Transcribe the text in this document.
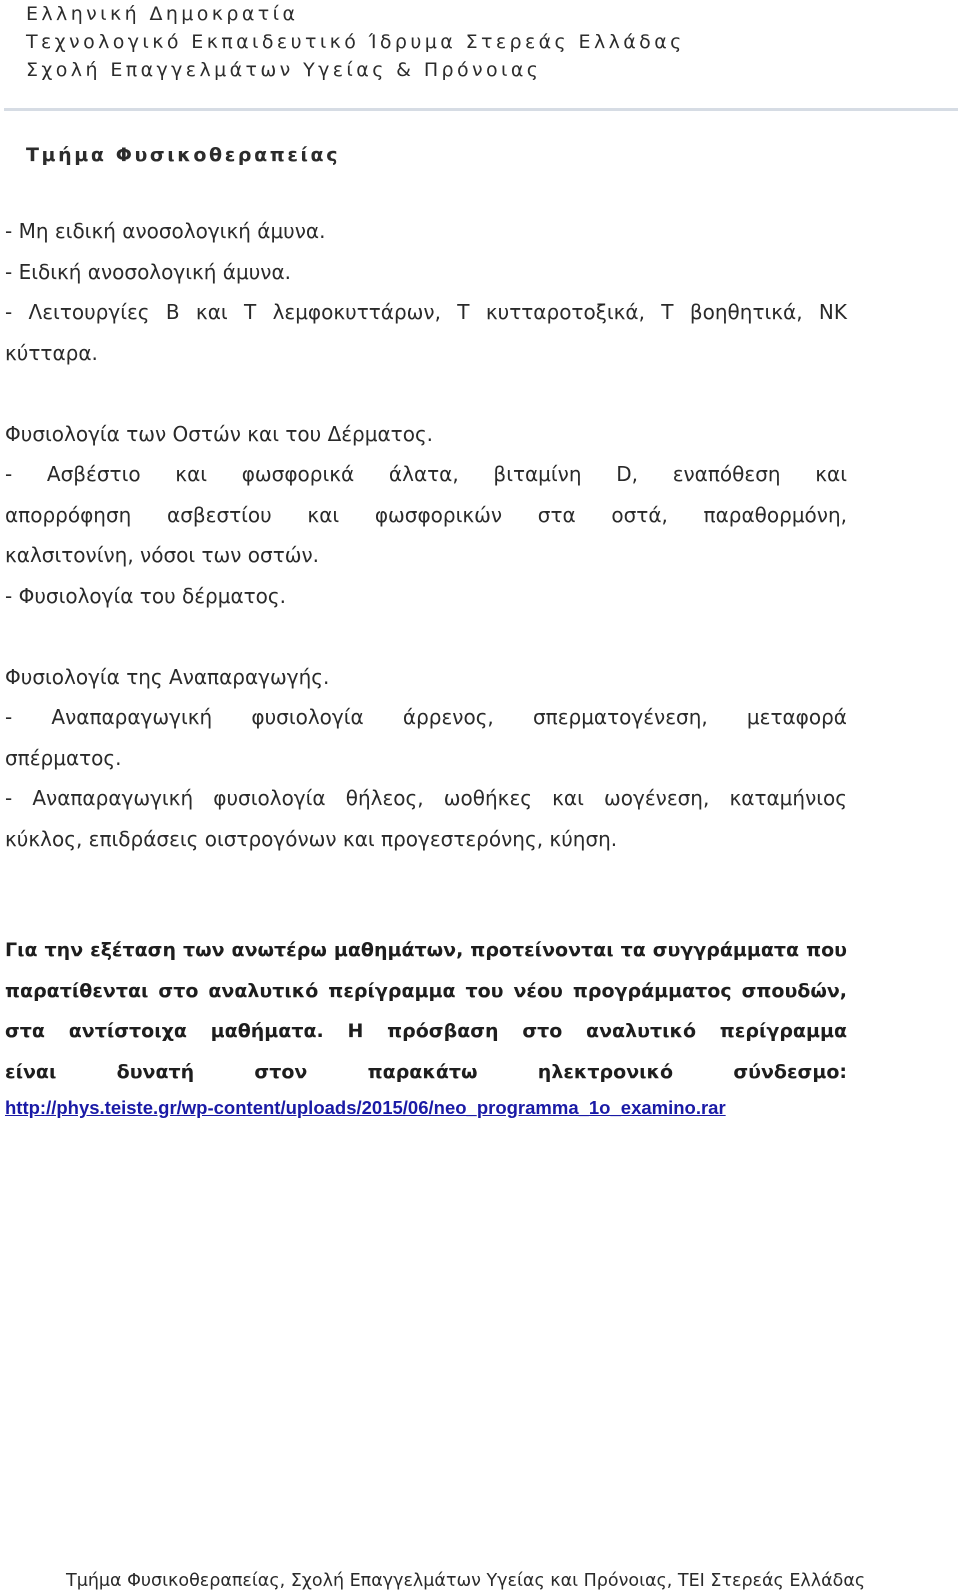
Ελληνική Δημοκρατία
Τεχνολογικό Εκπαιδευτικό Ίδρυμα Στερεάς Ελλάδας
Σχολή Επαγγελμάτων Υγείας & Πρόνοιας
Τμήμα Φυσικοθεραπείας

- Μη ειδική ανοσολογική άμυνα.

- Ειδική ανοσολογική άμυνα.

- Λειτουργίες Β και Τ λεμφοκυττάρων, Τ κυτταροτοξικά, Τ βοηθητικά, ΝΚ

κύτταρα.

Φυσιολογία των Οστών και του Δέρματος.

- Ασβέστιο και φωσφορικά άλατα, βιταμίνη D, εναπόθεση και

απορρόφηση ασβεστίου και φωσφορικών στα οστά, παραθορμόνη,

καλσιτονίνη, νόσοι των οστών.

- Φυσιολογία του δέρματος.

Φυσιολογία της Αναπαραγωγής.

- Αναπαραγωγική φυσιολογία άρρενος, σπερματογένεση, μεταφορά

σπέρματος.

- Αναπαραγωγική φυσιολογία θήλεος, ωοθήκες και ωογένεση, καταμήνιος

κύκλος, επιδράσεις οιστρογόνων και προγεστερόνης, κύηση.

Για την εξέταση των ανωτέρω μαθημάτων, προτείνονται τα συγγράμματα που

παρατίθενται στο αναλυτικό περίγραμμα του νέου προγράμματος σπουδών,

στα αντίστοιχα μαθήματα. Η πρόσβαση στο αναλυτικό περίγραμμα

είναι δυνατή στον παρακάτω ηλεκτρονικό σύνδεσμο:

http://phys.teiste.gr/wp-content/uploads/2015/06/neo_programma_1o_examino.rar
Τμήμα Φυσικοθεραπείας, Σχολή Επαγγελμάτων Υγείας και Πρόνοιας, ΤΕΙ Στερεάς Ελλάδας
